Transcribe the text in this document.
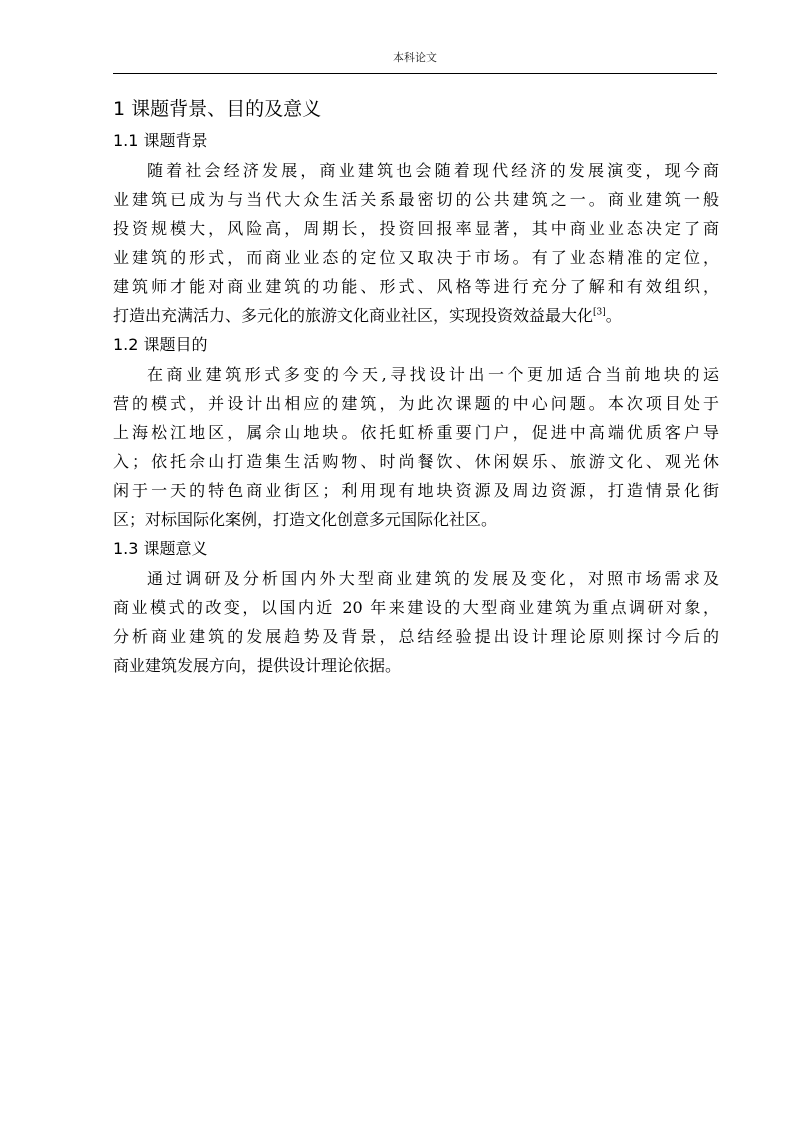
本科论文
1 课题背景、目的及意义
1.1 课题背景
随着社会经济发展，商业建筑也会随着现代经济的发展演变，现今商
业建筑已成为与当代大众生活关系最密切的公共建筑之一。商业建筑一般
投资规模大，风险高，周期长，投资回报率显著，其中商业业态决定了商
业建筑的形式，而商业业态的定位又取决于市场。有了业态精准的定位，
建筑师才能对商业建筑的功能、形式、风格等进行充分了解和有效组织，
打造出充满活力、多元化的旅游文化商业社区，实现投资效益最大化[3]。
1.2 课题目的
在商业建筑形式多变的今天,寻找设计出一个更加适合当前地块的运
营的模式，并设计出相应的建筑，为此次课题的中心问题。本次项目处于
上海松江地区，属佘山地块。依托虹桥重要门户，促进中高端优质客户导
入；依托佘山打造集生活购物、时尚餐饮、休闲娱乐、旅游文化、观光休
闲于一天的特色商业街区；利用现有地块资源及周边资源，打造情景化街
区；对标国际化案例，打造文化创意多元国际化社区。
1.3 课题意义
通过调研及分析国内外大型商业建筑的发展及变化，对照市场需求及
商业模式的改变，以国内近 20 年来建设的大型商业建筑为重点调研对象，
分析商业建筑的发展趋势及背景，总结经验提出设计理论原则探讨今后的
商业建筑发展方向，提供设计理论依据。
